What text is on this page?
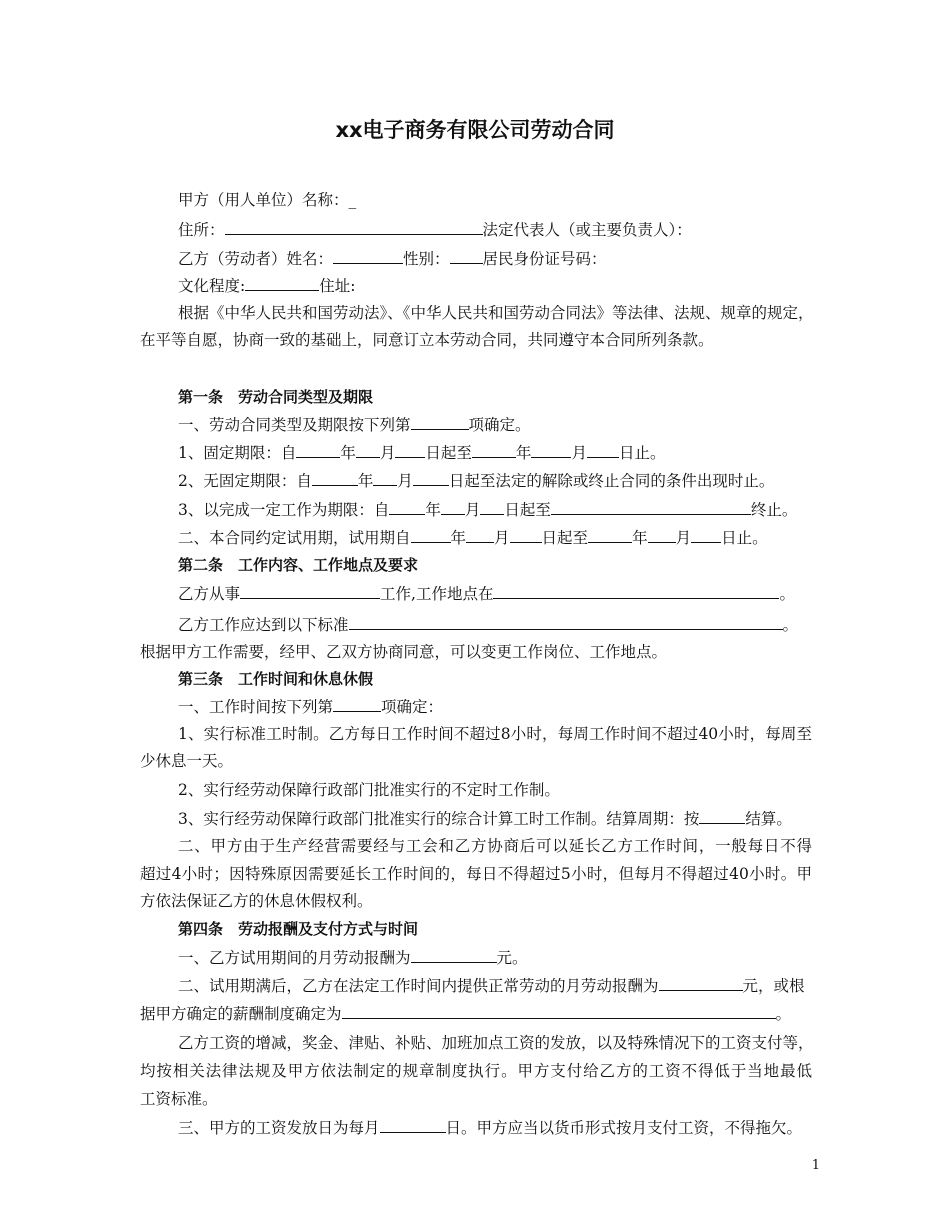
xx电子商务有限公司劳动合同
甲方（用人单位）名称：_
住所：	法定代表人（或主要负责人）：
乙方（劳动者）姓名：	性别： 居民身份证号码：
文化程度:	住址:
根据《中华人民共和国劳动法》、《中华人民共和国劳动合同法》等法律、法规、规章的规定，
在平等自愿，协商一致的基础上，同意订立本劳动合同，共同遵守本合同所列条款。
第一条　劳动合同类型及期限
一、劳动合同类型及期限按下列第	项确定。
1、固定期限：自	年 月 日起至	年	月 日止。
2、无固定期限：自	年 月 日起至法定的解除或终止合同的条件出现时止。
3、以完成一定工作为期限：自 年 月 日起至	终止。
二、本合同约定试用期，试用期自	年 月 日起至	年 月 日止。
第二条　工作内容、工作地点及要求
乙方从事	工作,工作地点在	。
乙方工作应达到以下标准	。
根据甲方工作需要，经甲、乙双方协商同意，可以变更工作岗位、工作地点。
第三条　工作时间和休息休假
一、工作时间按下列第	项确定：
1、实行标准工时制。乙方每日工作时间不超过8小时，每周工作时间不超过40小时，每周至
少休息一天。
2、实行经劳动保障行政部门批准实行的不定时工作制。
3、实行经劳动保障行政部门批准实行的综合计算工时工作制。结算周期：按	结算。
二、甲方由于生产经营需要经与工会和乙方协商后可以延长乙方工作时间，一般每日不得
超过4小时；因特殊原因需要延长工作时间的，每日不得超过5小时，但每月不得超过40小时。甲
方依法保证乙方的休息休假权利。
第四条　劳动报酬及支付方式与时间
一、乙方试用期间的月劳动报酬为	元。
二、试用期满后，乙方在法定工作时间内提供正常劳动的月劳动报酬为	元，或根
据甲方确定的薪酬制度确定为	。
乙方工资的增减，奖金、津贴、补贴、加班加点工资的发放，以及特殊情况下的工资支付等，
均按相关法律法规及甲方依法制定的规章制度执行。甲方支付给乙方的工资不得低于当地最低
工资标准。
三、甲方的工资发放日为每月	日。甲方应当以货币形式按月支付工资，不得拖欠。
1
